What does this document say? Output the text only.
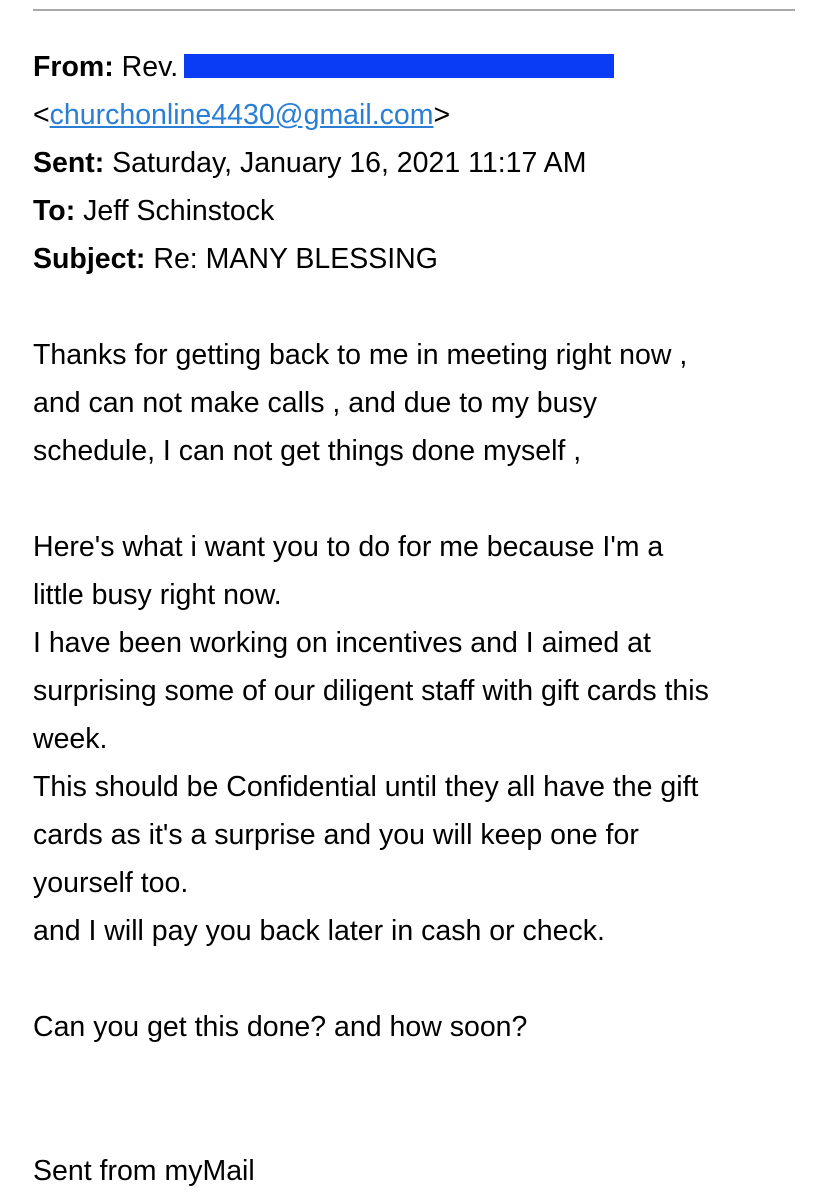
From: Rev.
<churchonline4430@gmail.com>
Sent: Saturday, January 16, 2021 11:17 AM
To: Jeff Schinstock
Subject: Re: MANY BLESSING
Thanks for getting back to me in meeting right now ,
and can not make calls , and due to my busy
schedule, I can not get things done myself ,
Here's what i want you to do for me because I'm a
little busy right now.
I have been working on incentives and I aimed at
surprising some of our diligent staff with gift cards this
week.
This should be Confidential until they all have the gift
cards as it's a surprise and you will keep one for
yourself too.
and I will pay you back later in cash or check.
Can you get this done? and how soon?
Sent from myMail
